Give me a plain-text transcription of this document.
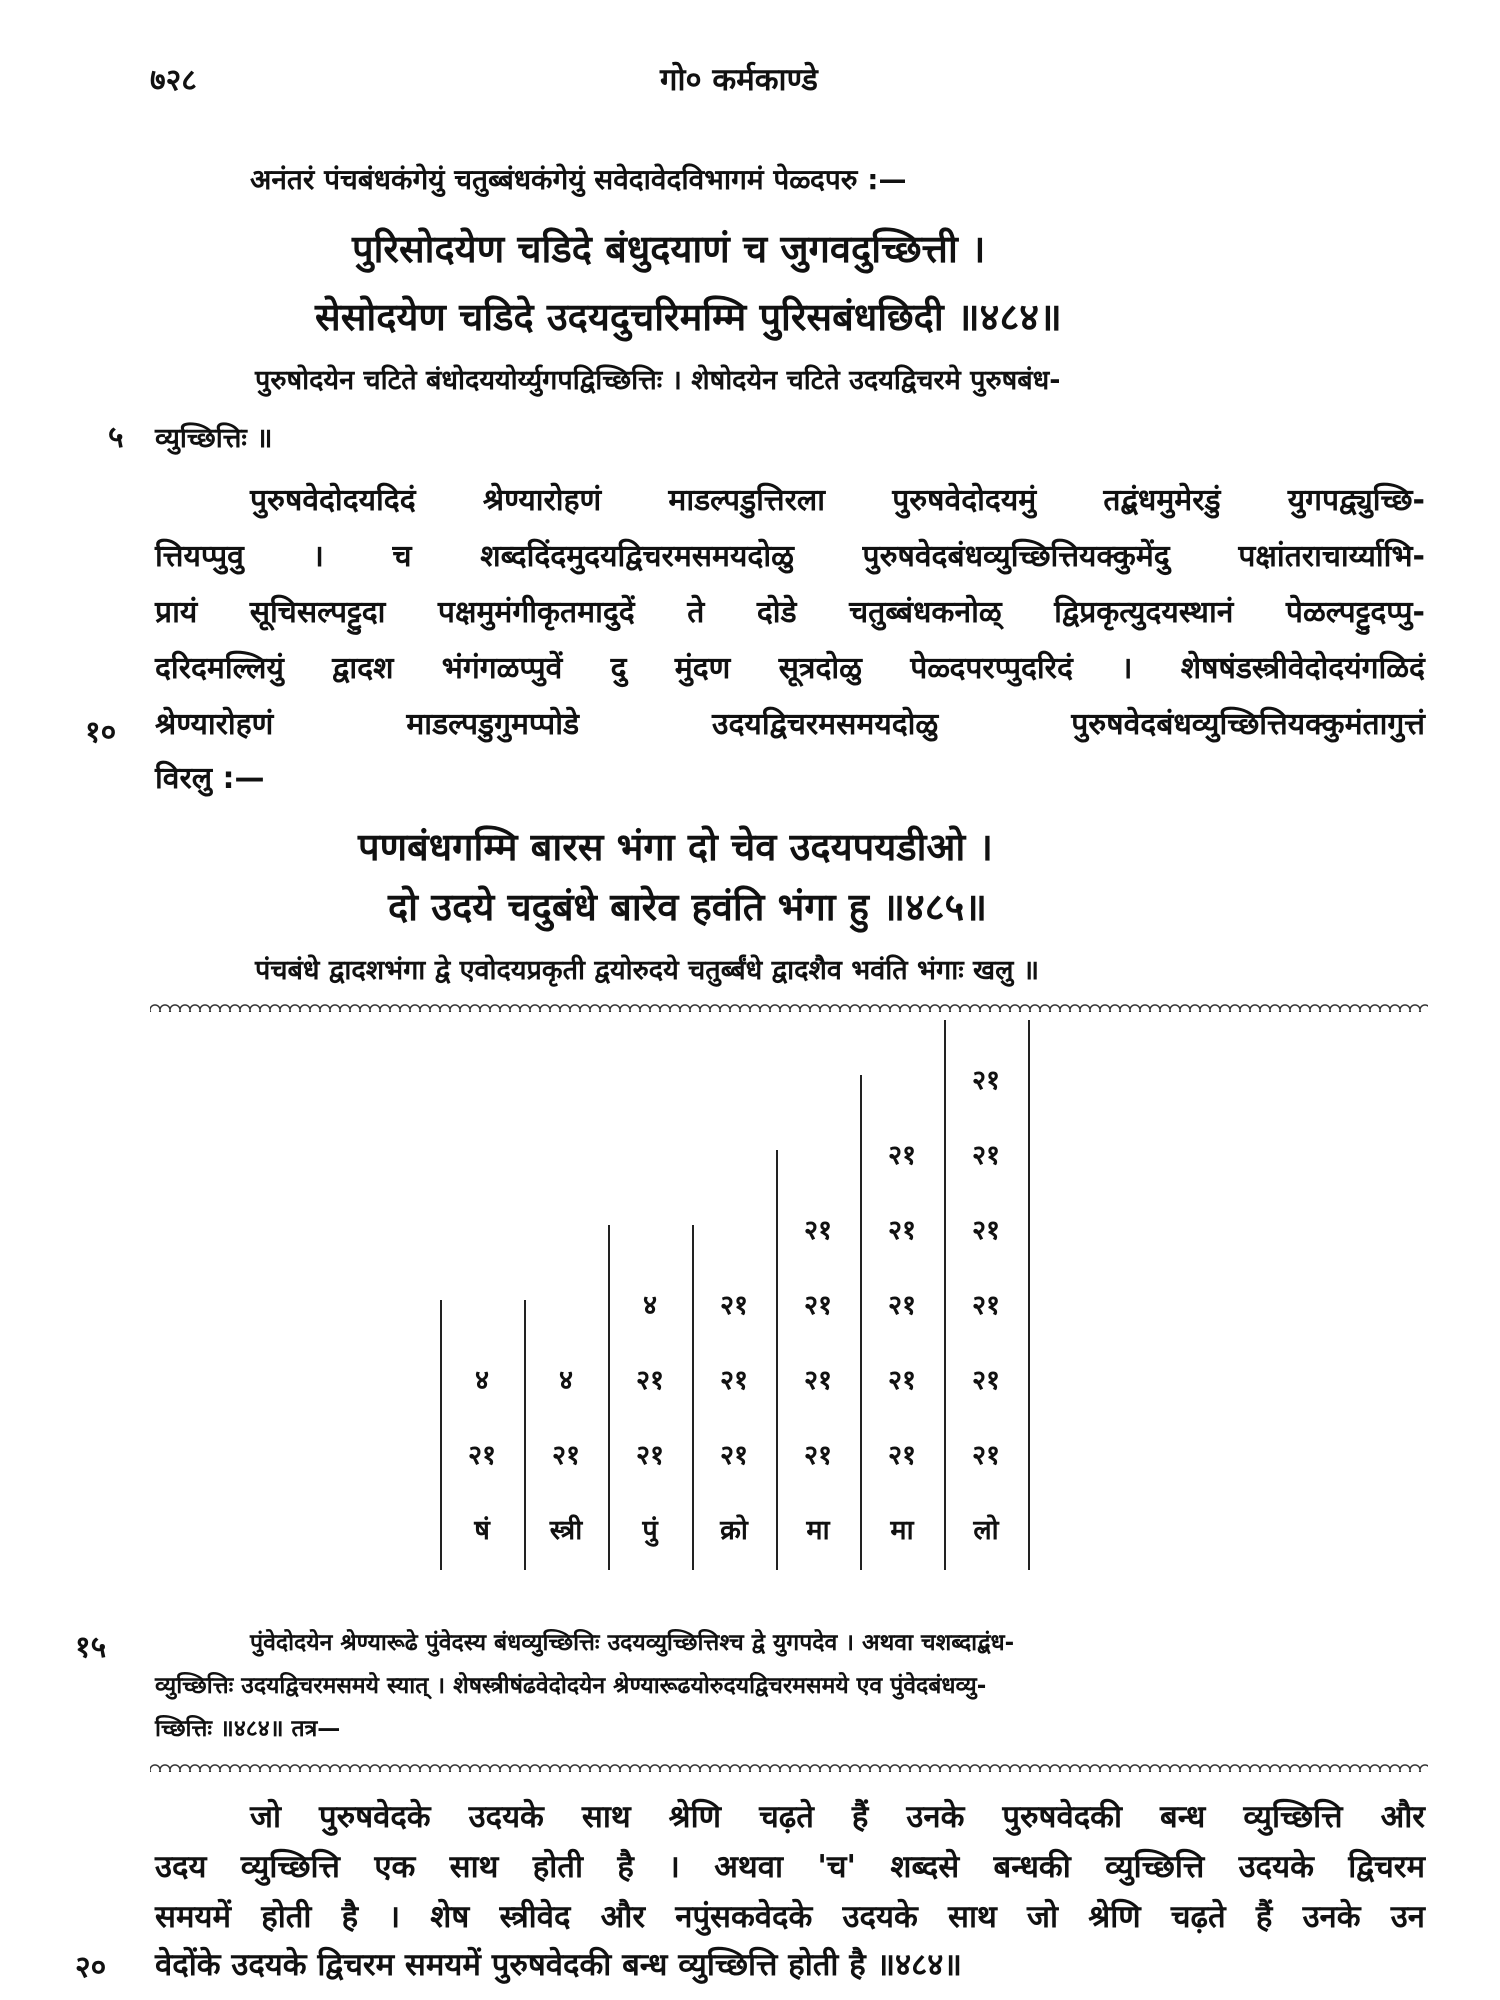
७२८	गो० कर्मकाण्डे
अनंतरं पंचबंधकंगेयुं चतुब्बंधकंगेयुं सवेदावेदविभागमं पेळ्दपरु :—
पुरिसोदयेण चडिदे बंधुदयाणं च जुगवदुच्छित्ती ।
सेसोदयेण चडिदे उदयदुचरिमम्मि पुरिसबंधछिदी ॥४८४॥
पुरुषोदयेन चटिते बंधोदययोर्य्युगपद्विच्छित्तिः । शेषोदयेन चटिते उदयद्विचरमे पुरुषबंध-
५ व्युच्छित्तिः ॥
पुरुषवेदोदयदिदं श्रेण्यारोहणं माडल्पडुत्तिरला पुरुषवेदोदयमुं तद्बंधमुमेरडुं युगपद्व्युच्छि-
त्तियप्पुवु । च शब्ददिंदमुदयद्विचरमसमयदोळु पुरुषवेदबंधव्युच्छित्तियक्कुमेंदु पक्षांतराचार्य्याभि-
प्रायं सूचिसल्पट्टुदा पक्षमुमंगीकृतमादुदें ते दोडे चतुब्बंधकनोळ् द्विप्रकृत्युदयस्थानं पेळल्पट्टुदप्पु-
दरिदमल्लियुं द्वादश भंगंगळप्पुवें दु मुंदण सूत्रदोळु पेळ्दपरप्पुदरिदं । शेषषंडस्त्रीवेदोदयंगळिदं
१० श्रेण्यारोहणं माडल्पडुगुमप्पोडे उदयद्विचरमसमयदोळु पुरुषवेदबंधव्युच्छित्तियक्कुमंतागुत्तं
विरलु :—
पणबंधगम्मि बारस भंगा दो चेव उदयपयडीओ ।
दो उदये चदुबंधे बारेव हवंति भंगा हु ॥४८५॥
पंचबंधे द्वादशभंगा द्वे एवोदयप्रकृती द्वयोरुदये चतुर्ब्बंधे द्वादशैव भवंति भंगाः खलु ॥
षं
४
२१
स्त्री
४
२१
पुं
४
२१
२१
क्रो
२१
२१
२१
मा
२१
२१
२१
२१
मा
२१
२१
२१
२१
२१
लो
२१
२१
२१
२१
२१
२१
१५	पुंवेदोदयेन श्रेण्यारूढे पुंवेदस्य बंधव्युच्छित्तिः उदयव्युच्छित्तिश्च द्वे युगपदेव । अथवा चशब्दाद्बंध-
व्युच्छित्तिः उदयद्विचरमसमये स्यात् । शेषस्त्रीषंढवेदोदयेन श्रेण्यारूढयोरुदयद्विचरमसमये एव पुंवेदबंधव्यु-
च्छित्तिः ॥४८४॥ तत्र—
जो पुरुषवेदके उदयके साथ श्रेणि चढ़ते हैं उनके पुरुषवेदकी बन्ध व्युच्छित्ति और
उदय व्युच्छित्ति एक साथ होती है । अथवा 'च' शब्दसे बन्धकी व्युच्छित्ति उदयके द्विचरम
समयमें होती है । शेष स्त्रीवेद और नपुंसकवेदके उदयके साथ जो श्रेणि चढ़ते हैं उनके उन
२० वेदोंके उदयके द्विचरम समयमें पुरुषवेदकी बन्ध व्युच्छित्ति होती है ॥४८४॥
